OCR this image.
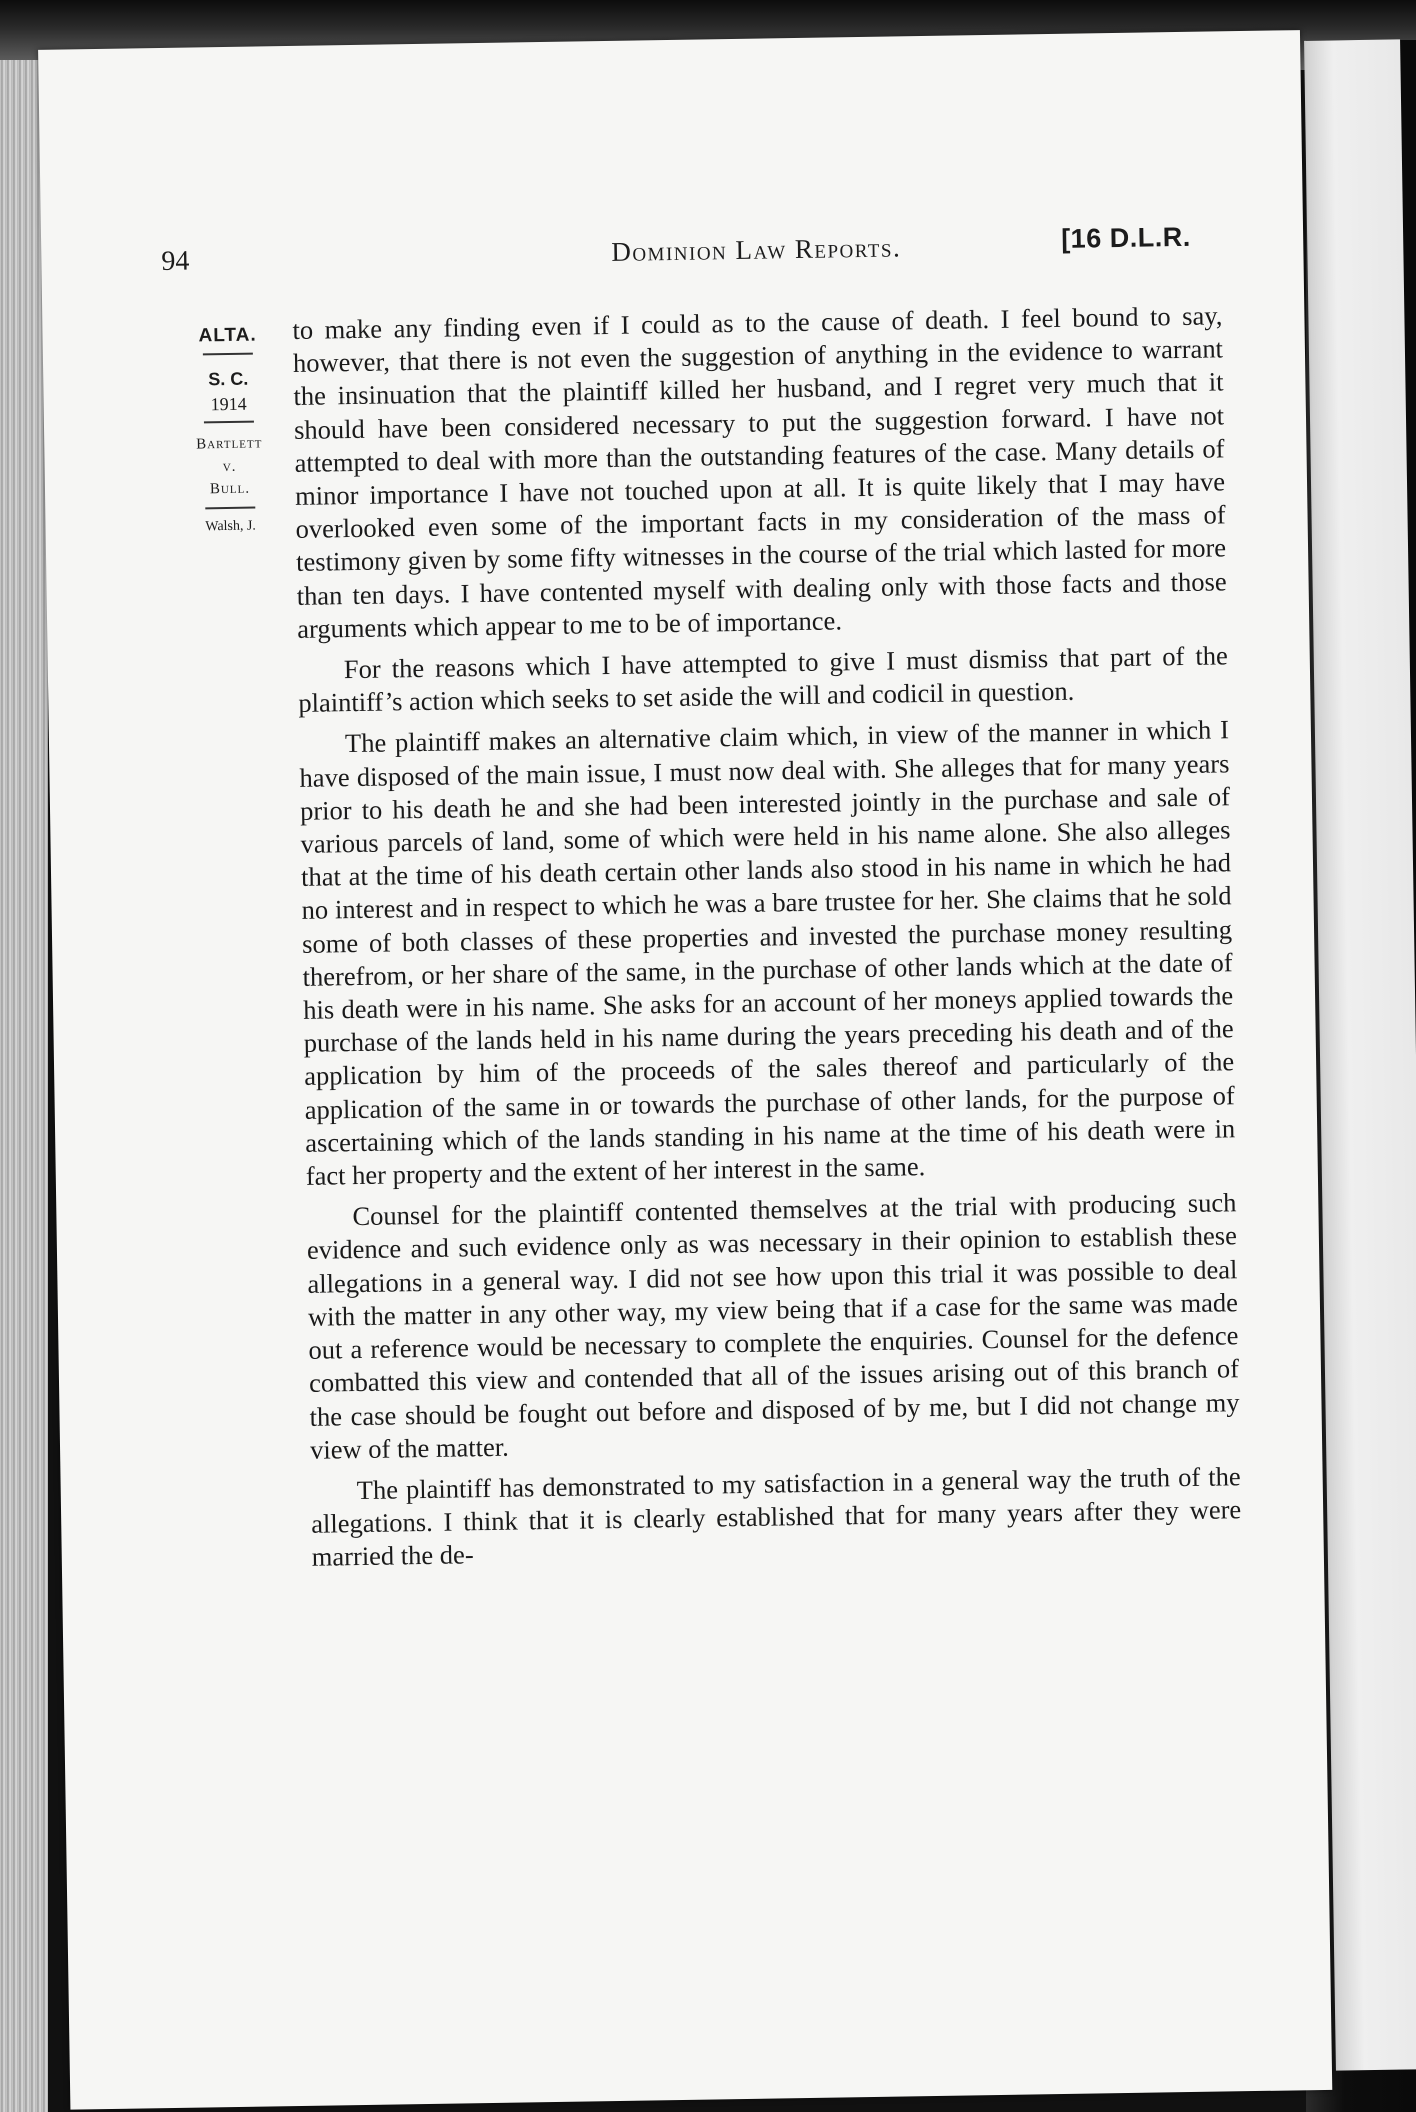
94	Dominion Law Reports.	[16 D.L.R.
ALTA.
S. C.
1914
Bartlett
v.
Bull.
Walsh, J.

to make any finding even if I could as to the cause of death. I feel bound to say, however, that there is not even the suggestion of anything in the evidence to warrant the insinuation that the plaintiff killed her husband, and I regret very much that it should have been considered necessary to put the suggestion forward. I have not attempted to deal with more than the outstanding features of the case. Many details of minor importance I have not touched upon at all. It is quite likely that I may have overlooked even some of the important facts in my consideration of the mass of testimony given by some fifty witnesses in the course of the trial which lasted for more than ten days. I have contented myself with dealing only with those facts and those arguments which appear to me to be of importance.

For the reasons which I have attempted to give I must dismiss that part of the plaintiff’s action which seeks to set aside the will and codicil in question.

The plaintiff makes an alternative claim which, in view of the manner in which I have disposed of the main issue, I must now deal with. She alleges that for many years prior to his death he and she had been interested jointly in the purchase and sale of various parcels of land, some of which were held in his name alone. She also alleges that at the time of his death certain other lands also stood in his name in which he had no interest and in respect to which he was a bare trustee for her. She claims that he sold some of both classes of these properties and invested the purchase money resulting therefrom, or her share of the same, in the purchase of other lands which at the date of his death were in his name. She asks for an account of her moneys applied towards the purchase of the lands held in his name during the years preceding his death and of the application by him of the proceeds of the sales thereof and particularly of the application of the same in or towards the purchase of other lands, for the purpose of ascertaining which of the lands standing in his name at the time of his death were in fact her property and the extent of her interest in the same.

Counsel for the plaintiff contented themselves at the trial with producing such evidence and such evidence only as was necessary in their opinion to establish these allegations in a general way. I did not see how upon this trial it was possible to deal with the matter in any other way, my view being that if a case for the same was made out a reference would be necessary to complete the enquiries. Counsel for the defence combatted this view and contended that all of the issues arising out of this branch of the case should be fought out before and disposed of by me, but I did not change my view of the matter.

The plaintiff has demonstrated to my satisfaction in a general way the truth of the allegations. I think that it is clearly established that for many years after they were married the de-
